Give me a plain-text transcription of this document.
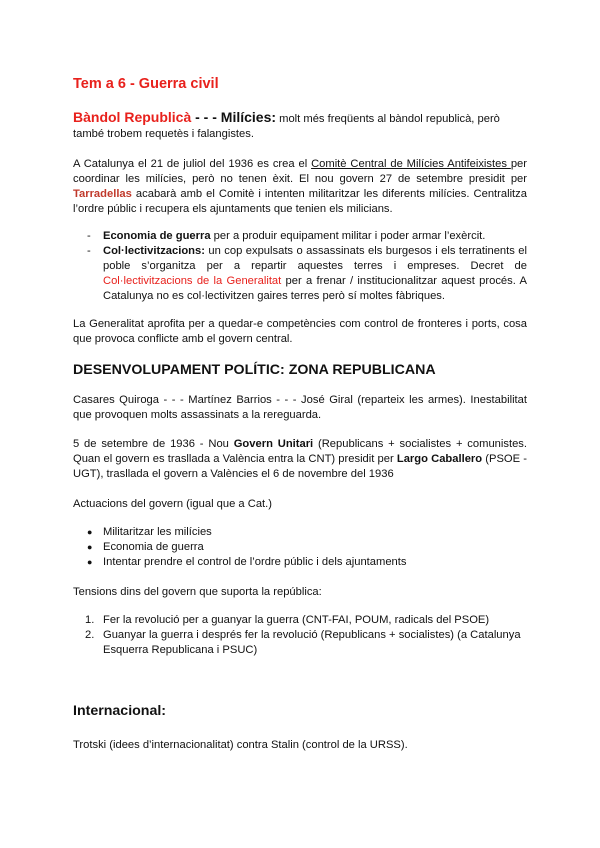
Tem a 6 - Guerra civil
Bàndol Republicà - - - Milícies: molt més freqüents al bàndol republicà, però també trobem requetès i falangistes.
A Catalunya el 21 de juliol del 1936 es crea el Comitè Central de Milícies Antifeixistes per coordinar les milícies, però no tenen èxit. El nou govern 27 de setembre presidit per Tarradellas acabarà amb el Comitè i intenten militaritzar les diferents milícies. Centralitza l’ordre públic i recupera els ajuntaments que tenien els milicians.
- Economia de guerra per a produir equipament militar i poder armar l’exèrcit.
- Col·lectivitzacions: un cop expulsats o assassinats els burgesos i els terratinents el poble s’organitza per a repartir aquestes terres i empreses. Decret de Col·lectivitzacions de la Generalitat per a frenar / institucionalitzar aquest procés. A Catalunya no es col·lectivitzen gaires terres però sí moltes fàbriques.
La Generalitat aprofita per a quedar-e competències com control de fronteres i ports, cosa que provoca conflicte amb el govern central.
DESENVOLUPAMENT POLÍTIC: ZONA REPUBLICANA
Casares Quiroga - - - Martínez Barrios - - - José Giral (reparteix les armes). Inestabilitat que provoquen molts assassinats a la rereguarda.
5 de setembre de 1936 - Nou Govern Unitari (Republicans + socialistes + comunistes. Quan el govern es trasllada a València entra la CNT) presidit per Largo Caballero (PSOE - UGT), traslladа el govern a Valències el 6 de novembre del 1936
Actuacions del govern (igual que a Cat.)
● Militaritzar les milícies
● Economia de guerra
● Intentar prendre el control de l’ordre públic i dels ajuntaments
Tensions dins del govern que suporta la república:
1. Fer la revolució per a guanyar la guerra (CNT-FAI, POUM, radicals del PSOE)
2. Guanyar la guerra i després fer la revolució (Republicans + socialistes) (a Catalunya Esquerra Republicana i PSUC)
Internacional:
Trotski (idees d’internacionalitat) contra Stalin (control de la URSS).
